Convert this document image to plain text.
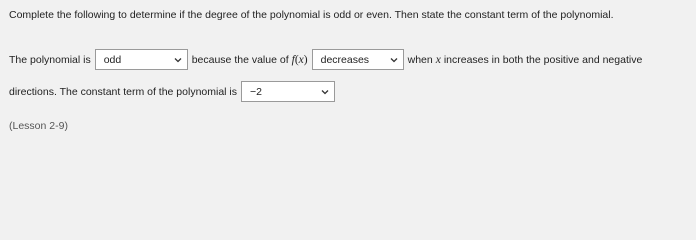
Complete the following to determine if the degree of the polynomial is odd or even. Then state the constant term of the polynomial.
The polynomial is odd	because the value of f(x) decreases	when x increases in both the positive and negative
directions. The constant term of the polynomial is −2
(Lesson 2-9)
